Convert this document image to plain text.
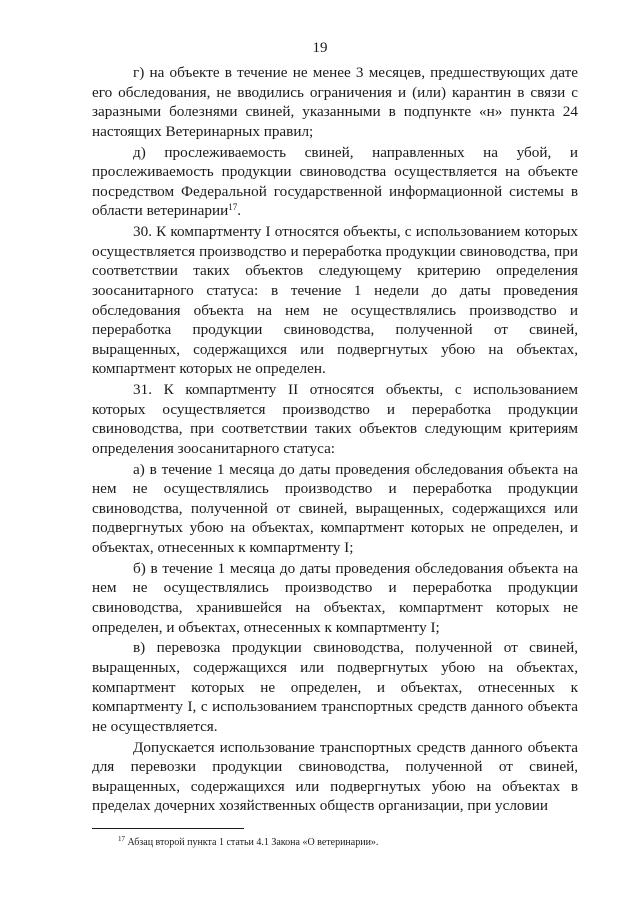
19

г) на объекте в течение не менее 3 месяцев, предшествующих дате его обследования, не вводились ограничения и (или) карантин в связи с заразными болезнями свиней, указанными в подпункте «н» пункта 24 настоящих Ветеринарных правил;

д) прослеживаемость свиней, направленных на убой, и прослеживаемость продукции свиноводства осуществляется на объекте посредством Федеральной государственной информационной системы в области ветеринарии$^{17}$.

30. К компартменту I относятся объекты, с использованием которых осуществляется производство и переработка продукции свиноводства, при соответствии таких объектов следующему критерию определения зоосанитарного статуса: в течение 1 недели до даты проведения обследования объекта на нем не осуществлялись производство и переработка продукции свиноводства, полученной от свиней, выращенных, содержащихся или подвергнутых убою на объектах, компартмент которых не определен.

31. К компартменту II относятся объекты, с использованием которых осуществляется производство и переработка продукции свиноводства, при соответствии таких объектов следующим критериям определения зоосанитарного статуса:

а) в течение 1 месяца до даты проведения обследования объекта на нем не осуществлялись производство и переработка продукции свиноводства, полученной от свиней, выращенных, содержащихся или подвергнутых убою на объектах, компартмент которых не определен, и объектах, отнесенных к компартменту I;

б) в течение 1 месяца до даты проведения обследования объекта на нем не осуществлялись производство и переработка продукции свиноводства, хранившейся на объектах, компартмент которых не определен, и объектах, отнесенных к компартменту I;

в) перевозка продукции свиноводства, полученной от свиней, выращенных, содержащихся или подвергнутых убою на объектах, компартмент которых не определен, и объектах, отнесенных к компартменту I, с использованием транспортных средств данного объекта не осуществляется.

Допускается использование транспортных средств данного объекта для перевозки продукции свиноводства, полученной от свиней, выращенных, содержащихся или подвергнутых убою на объектах в пределах дочерних хозяйственных обществ организации, при условии

$^{17}$ Абзац второй пункта 1 статьи 4.1 Закона «О ветеринарии».
